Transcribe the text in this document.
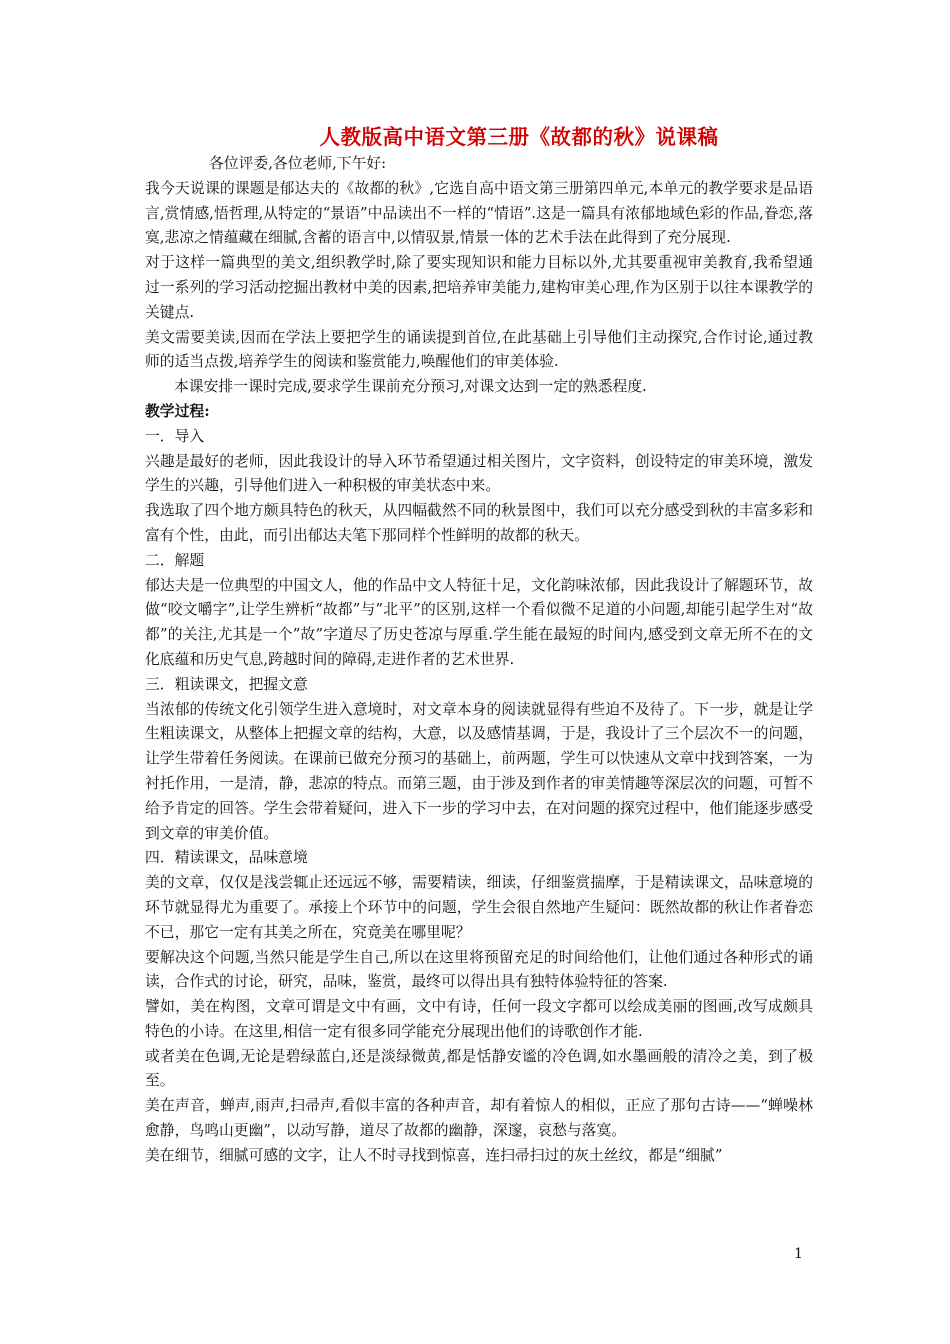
人教版高中语文第三册《故都的秋》说课稿

各位评委,各位老师,下午好:

我今天说课的课题是郁达夫的《故都的秋》,它选自高中语文第三册第四单元,本单元的教学要求是品语言,赏情感,悟哲理,从特定的“景语”中品读出不一样的“情语”.这是一篇具有浓郁地域色彩的作品,眷恋,落寞,悲凉之情蕴藏在细腻,含蓄的语言中,以情驭景,情景一体的艺术手法在此得到了充分展现.

对于这样一篇典型的美文,组织教学时,除了要实现知识和能力目标以外,尤其要重视审美教育,我希望通过一系列的学习活动挖掘出教材中美的因素,把培养审美能力,建构审美心理,作为区别于以往本课教学的关键点.

美文需要美读,因而在学法上要把学生的诵读提到首位,在此基础上引导他们主动探究,合作讨论,通过教师的适当点拨,培养学生的阅读和鉴赏能力,唤醒他们的审美体验.

本课安排一课时完成,要求学生课前充分预习,对课文达到一定的熟悉程度.

教学过程:

一．导入

兴趣是最好的老师，因此我设计的导入环节希望通过相关图片，文字资料，创设特定的审美环境，激发学生的兴趣，引导他们进入一种积极的审美状态中来。

我选取了四个地方颇具特色的秋天，从四幅截然不同的秋景图中，我们可以充分感受到秋的丰富多彩和富有个性，由此，而引出郁达夫笔下那同样个性鲜明的故都的秋天。

二．解题

郁达夫是一位典型的中国文人，他的作品中文人特征十足，文化韵味浓郁，因此我设计了解题环节，故做“咬文嚼字”,让学生辨析“故都”与”北平”的区别,这样一个看似微不足道的小问题,却能引起学生对“故都”的关注,尤其是一个”故”字道尽了历史苍凉与厚重.学生能在最短的时间内,感受到文章无所不在的文化底蕴和历史气息,跨越时间的障碍,走进作者的艺术世界.

三．粗读课文，把握文意

当浓郁的传统文化引领学生进入意境时，对文章本身的阅读就显得有些迫不及待了。下一步，就是让学生粗读课文，从整体上把握文章的结构，大意，以及感情基调，于是，我设计了三个层次不一的问题，让学生带着任务阅读。在课前已做充分预习的基础上，前两题，学生可以快速从文章中找到答案，一为衬托作用，一是清，静，悲凉的特点。而第三题，由于涉及到作者的审美情趣等深层次的问题，可暂不给予肯定的回答。学生会带着疑问，进入下一步的学习中去，在对问题的探究过程中，他们能逐步感受到文章的审美价值。

四．精读课文，品味意境

美的文章，仅仅是浅尝辄止还远远不够，需要精读，细读，仔细鉴赏揣摩，于是精读课文，品味意境的环节就显得尤为重要了。承接上个环节中的问题，学生会很自然地产生疑问：既然故都的秋让作者眷恋不已，那它一定有其美之所在，究竟美在哪里呢？

要解决这个问题,当然只能是学生自己,所以在这里将预留充足的时间给他们，让他们通过各种形式的诵读，合作式的讨论，研究，品味，鉴赏，最终可以得出具有独特体验特征的答案.

譬如，美在构图，文章可谓是文中有画，文中有诗，任何一段文字都可以绘成美丽的图画,改写成颇具特色的小诗。在这里,相信一定有很多同学能充分展现出他们的诗歌创作才能.

或者美在色调,无论是碧绿蓝白,还是淡绿微黄,都是恬静安谧的冷色调,如水墨画般的清冷之美，到了极至。

美在声音，蝉声,雨声,扫帚声,看似丰富的各种声音，却有着惊人的相似，正应了那句古诗——“蝉噪林愈静，鸟鸣山更幽”，以动写静，道尽了故都的幽静，深邃，哀愁与落寞。

美在细节，细腻可感的文字，让人不时寻找到惊喜，连扫帚扫过的灰土丝纹，都是“细腻”

1
